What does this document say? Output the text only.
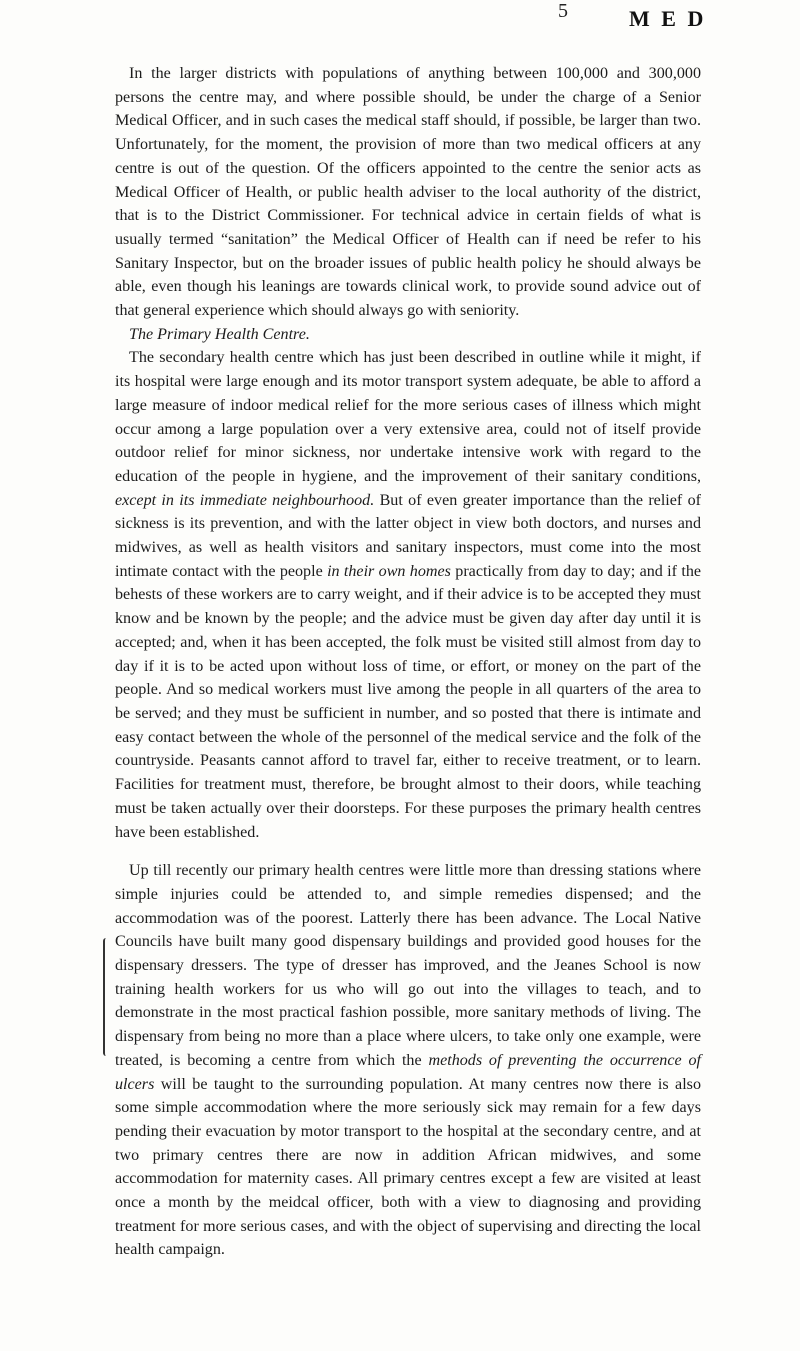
5	M E D

In the larger districts with populations of anything between 100,000 and 300,000 persons the centre may, and where possible should, be under the charge of a Senior Medical Officer, and in such cases the medical staff should, if possible, be larger than two. Unfortunately, for the moment, the provision of more than two medical officers at any centre is out of the question. Of the officers appointed to the centre the senior acts as Medical Officer of Health, or public health adviser to the local authority of the district, that is to the District Commissioner. For technical advice in certain fields of what is usually termed “sanitation” the Medical Officer of Health can if need be refer to his Sanitary Inspector, but on the broader issues of public health policy he should always be able, even though his leanings are towards clinical work, to provide sound advice out of that general experience which should always go with seniority.

The Primary Health Centre.

The secondary health centre which has just been described in outline while it might, if its hospital were large enough and its motor transport system adequate, be able to afford a large measure of indoor medical relief for the more serious cases of illness which might occur among a large population over a very extensive area, could not of itself provide outdoor relief for minor sickness, nor undertake intensive work with regard to the education of the people in hygiene, and the improvement of their sanitary conditions, except in its immediate neighbourhood. But of even greater importance than the relief of sickness is its prevention, and with the latter object in view both doctors, and nurses and midwives, as well as health visitors and sanitary inspectors, must come into the most intimate contact with the people in their own homes practically from day to day; and if the behests of these workers are to carry weight, and if their advice is to be accepted they must know and be known by the people; and the advice must be given day after day until it is accepted; and, when it has been accepted, the folk must be visited still almost from day to day if it is to be acted upon without loss of time, or effort, or money on the part of the people. And so medical workers must live among the people in all quarters of the area to be served; and they must be sufficient in number, and so posted that there is intimate and easy contact between the whole of the personnel of the medical service and the folk of the countryside. Peasants cannot afford to travel far, either to receive treatment, or to learn. Facilities for treatment must, therefore, be brought almost to their doors, while teaching must be taken actually over their doorsteps. For these purposes the primary health centres have been established.

Up till recently our primary health centres were little more than dressing stations where simple injuries could be attended to, and simple remedies dispensed; and the accommodation was of the poorest. Latterly there has been advance. The Local Native Councils have built many good dispensary buildings and provided good houses for the dispensary dressers. The type of dresser has improved, and the Jeanes School is now training health workers for us who will go out into the villages to teach, and to demonstrate in the most practical fashion possible, more sanitary methods of living. The dispensary from being no more than a place where ulcers, to take only one example, were treated, is becoming a centre from which the methods of preventing the occurrence of ulcers will be taught to the surrounding population. At many centres now there is also some simple accommodation where the more seriously sick may remain for a few days pending their evacuation by motor transport to the hospital at the secondary centre, and at two primary centres there are now in addition African midwives, and some accommodation for maternity cases. All primary centres except a few are visited at least once a month by the meidcal officer, both with a view to diagnosing and providing treatment for more serious cases, and with the object of supervising and directing the local health campaign.
